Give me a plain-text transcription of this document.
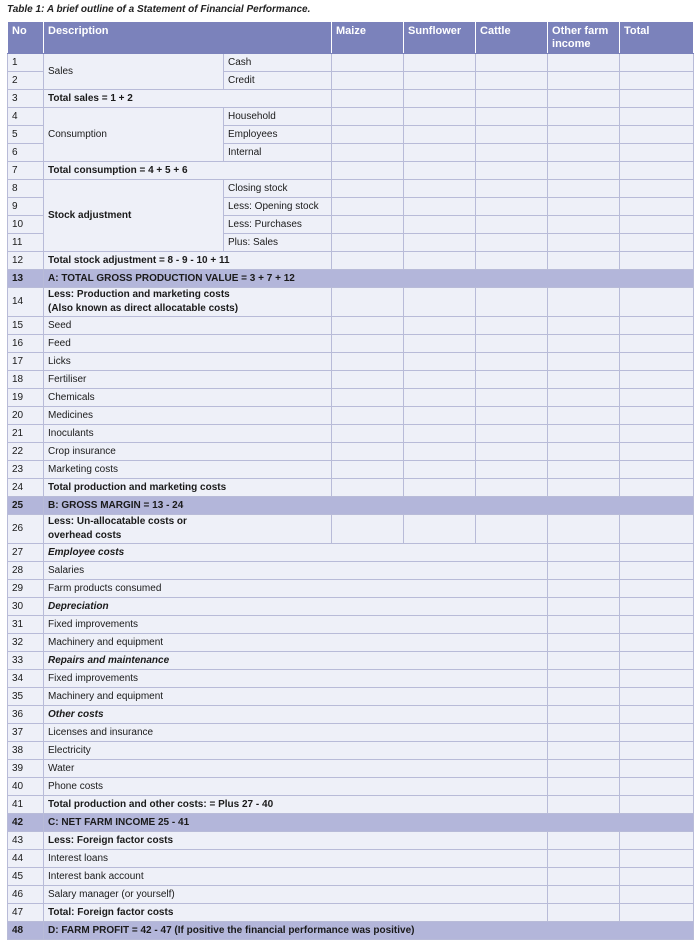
Table 1: A brief outline of a Statement of Financial Performance.
No	Description		Maize	Sunflower	Cattle	Other farm income	Total
1	Sales	Cash					
2		Credit					
3	Total sales = 1 + 2						
4	Consumption	Household					
5		Employees					
6		Internal					
7	Total consumption = 4 + 5 + 6						
8	Stock adjustment	Closing stock					
9		Less: Opening stock					
10		Less: Purchases					
11		Plus: Sales					
12	Total stock adjustment = 8 - 9 - 10 + 11						
13	A: TOTAL GROSS PRODUCTION VALUE = 3 + 7 + 12						
14	Less: Production and marketing costs
(Also known as direct allocatable costs)						
15	Seed						
16	Feed						
17	Licks						
18	Fertiliser						
19	Chemicals						
20	Medicines						
21	Inoculants						
22	Crop insurance						
23	Marketing costs						
24	Total production and marketing costs						
25	B: GROSS MARGIN = 13 - 24						
26	Less: Un-allocatable costs or
overhead costs						
27	Employee costs						
28	Salaries						
29	Farm products consumed						
30	Depreciation						
31	Fixed improvements						
32	Machinery and equipment						
33	Repairs and maintenance						
34	Fixed improvements						
35	Machinery and equipment						
36	Other costs						
37	Licenses and insurance						
38	Electricity						
39	Water						
40	Phone costs						
41	Total production and other costs: = Plus 27 - 40						
42	C: NET FARM INCOME 25 - 41						
43	Less: Foreign factor costs						
44	Interest loans						
45	Interest bank account						
46	Salary manager (or yourself)						
47	Total: Foreign factor costs						
48	D: FARM PROFIT = 42 - 47 (If positive the financial performance was positive)						
